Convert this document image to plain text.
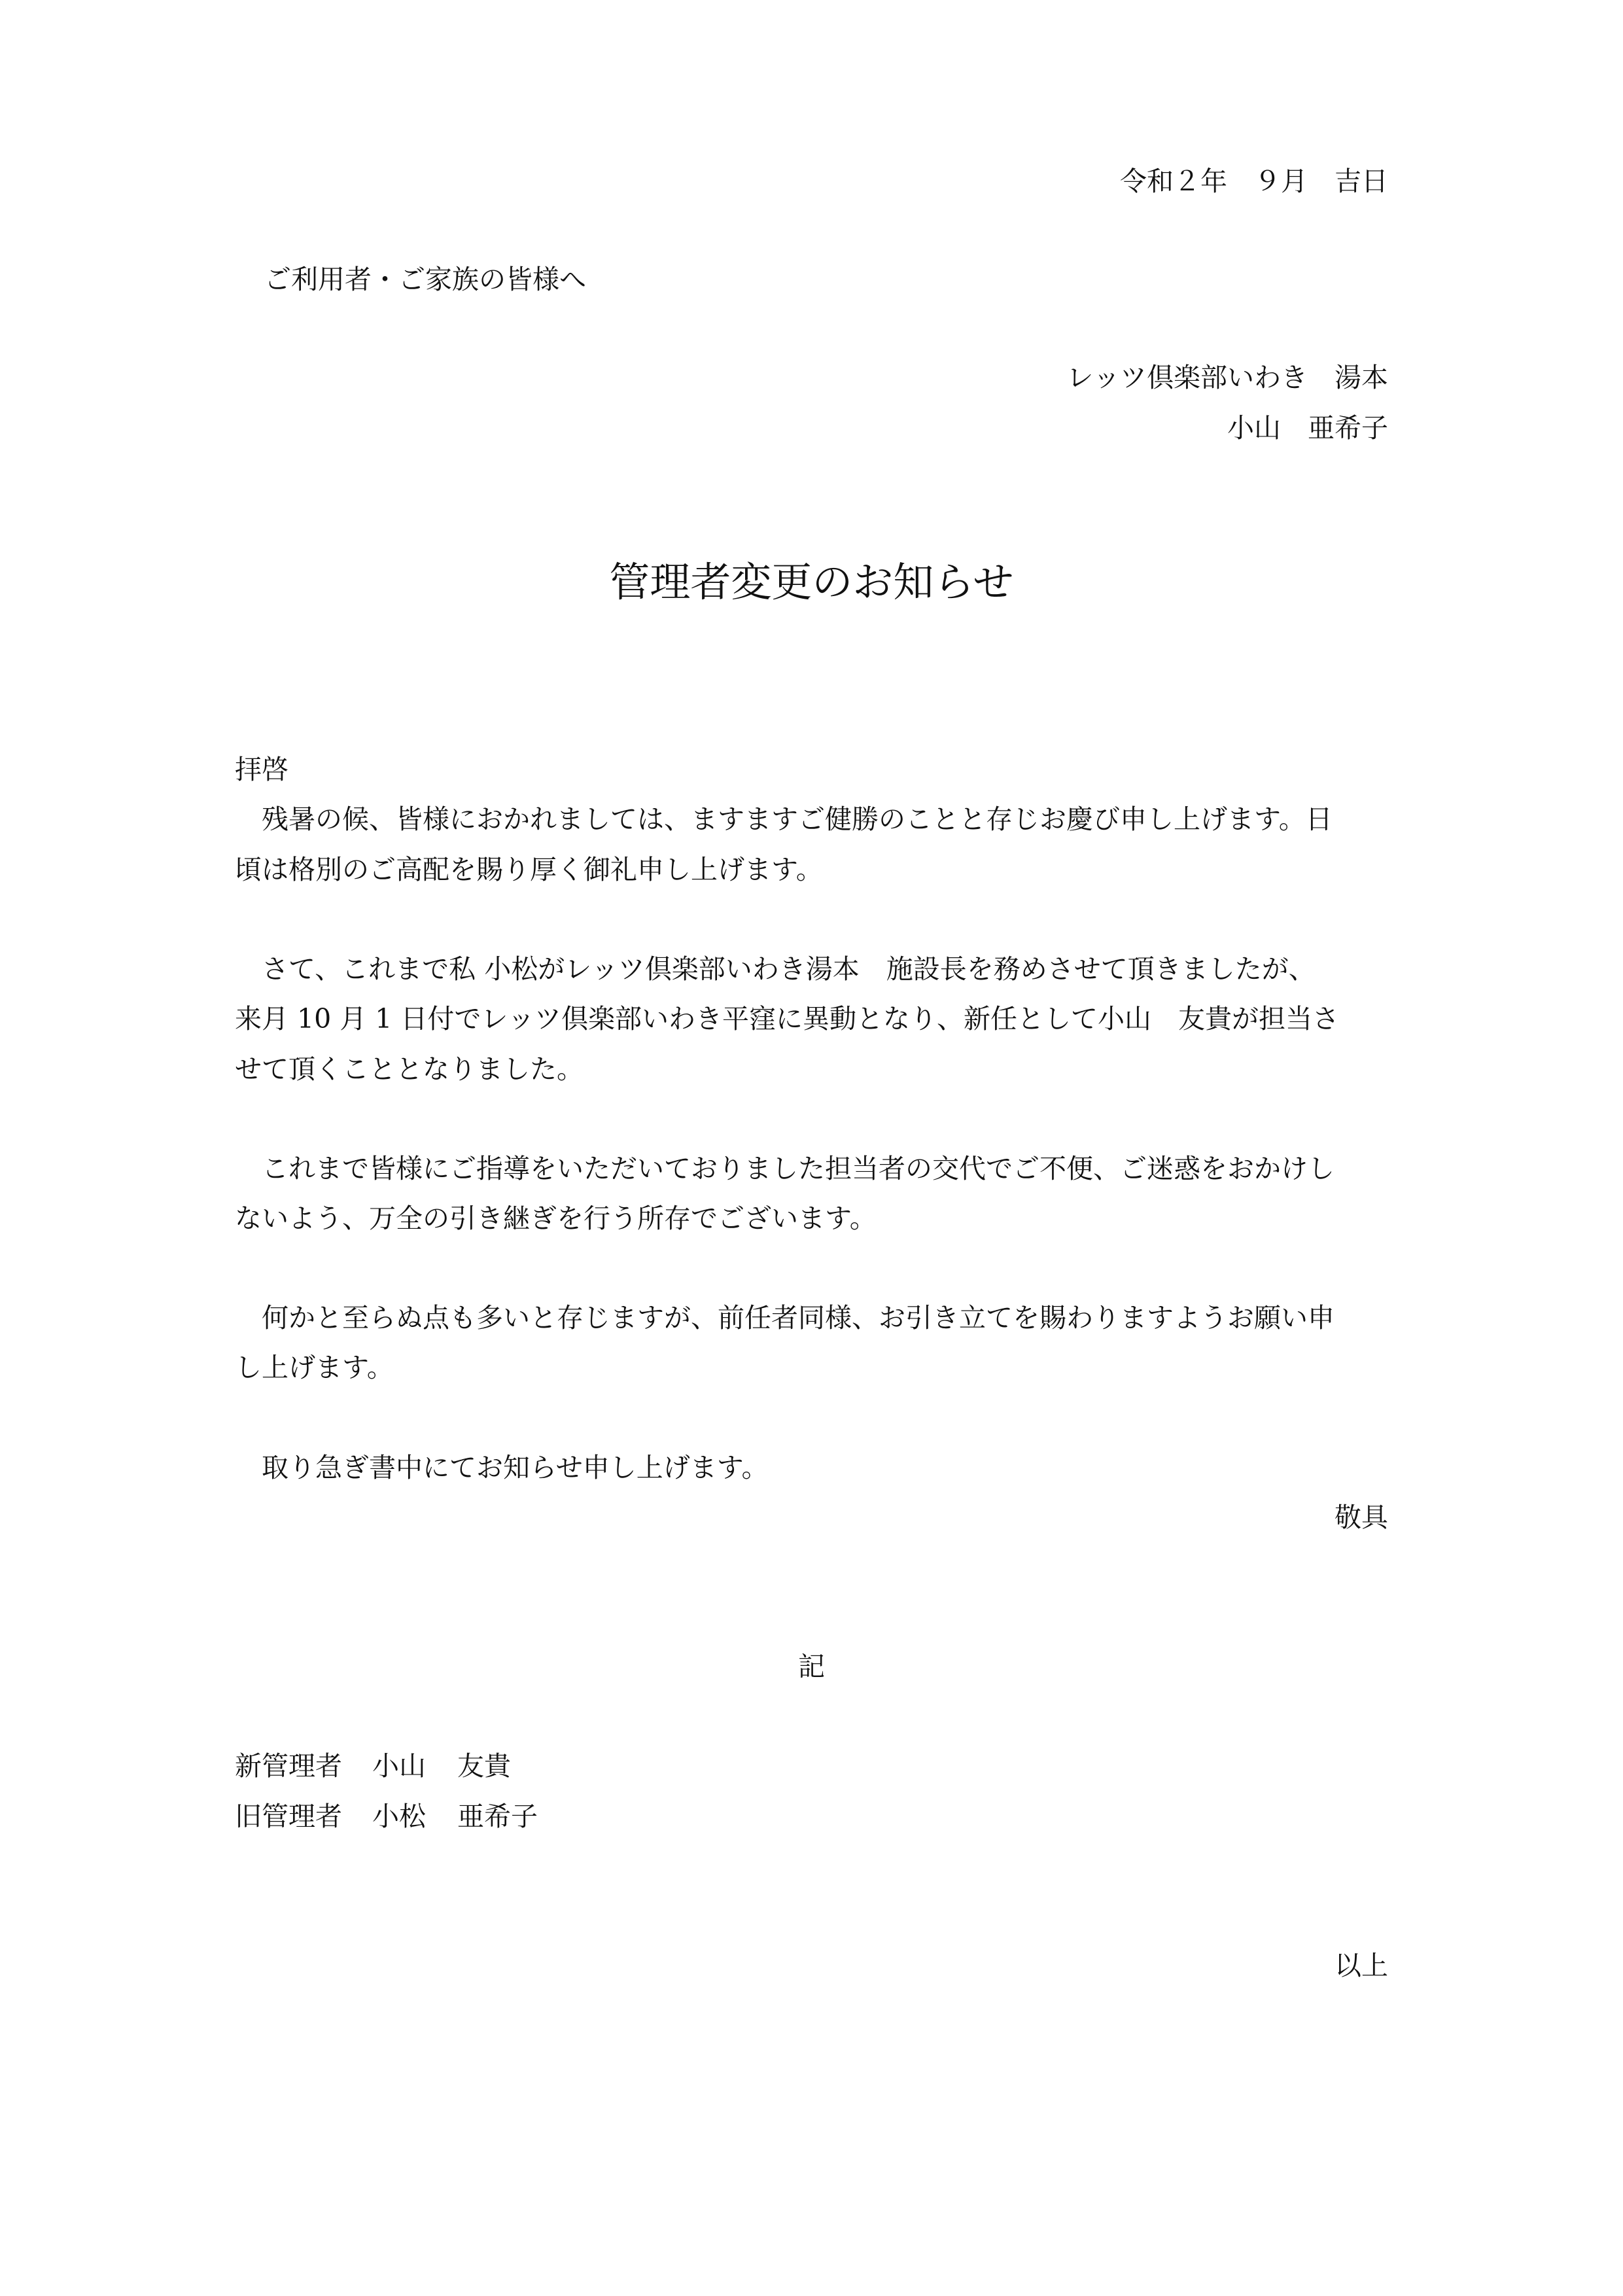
令和２年　９月　吉日

ご利用者・ご家族の皆様へ

レッツ倶楽部いわき　湯本

小山　亜希子

管理者変更のお知らせ

拝啓

　残暑の候、皆様におかれましては、ますますご健勝のことと存じお慶び申し上げます。日

頃は格別のご高配を賜り厚く御礼申し上げます。

　さて、これまで私 小松がレッツ倶楽部いわき湯本　施設長を務めさせて頂きましたが、

来月 10 月 1 日付でレッツ倶楽部いわき平窪に異動となり、新任として小山　友貴が担当さ

せて頂くこととなりました。

　これまで皆様にご指導をいただいておりました担当者の交代でご不便、ご迷惑をおかけし

ないよう、万全の引き継ぎを行う所存でございます。

　何かと至らぬ点も多いと存じますが、前任者同様、お引き立てを賜わりますようお願い申

し上げます。

　取り急ぎ書中にてお知らせ申し上げます。

敬具

記

新管理者 小山 友貴

旧管理者 小松 亜希子

以上
